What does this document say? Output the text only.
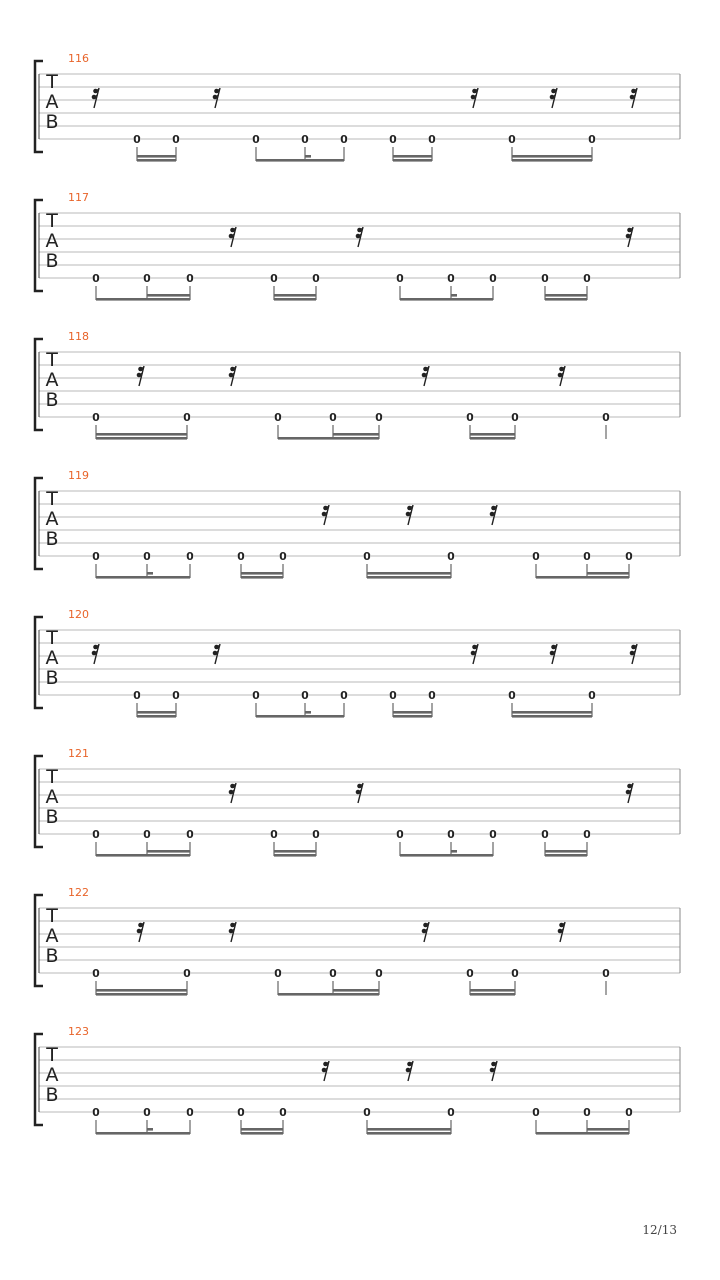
116
T
A
B
0	0	0	0	0	0	0	0	0
117
T
A
B
0	0	0	0	0	0	0	0	0	0
118
T
A
B
0	0	0	0	0	0	0	0
119
T
A
B
0	0	0	0	0	0	0	0	0	0
120
T
A
B
0	0	0	0	0	0	0	0	0
121
T
A
B
0	0	0	0	0	0	0	0	0	0
122
T
A
B
0	0	0	0	0	0	0	0
123
T
A
B
0	0	0	0	0	0	0	0	0	0
12/13
